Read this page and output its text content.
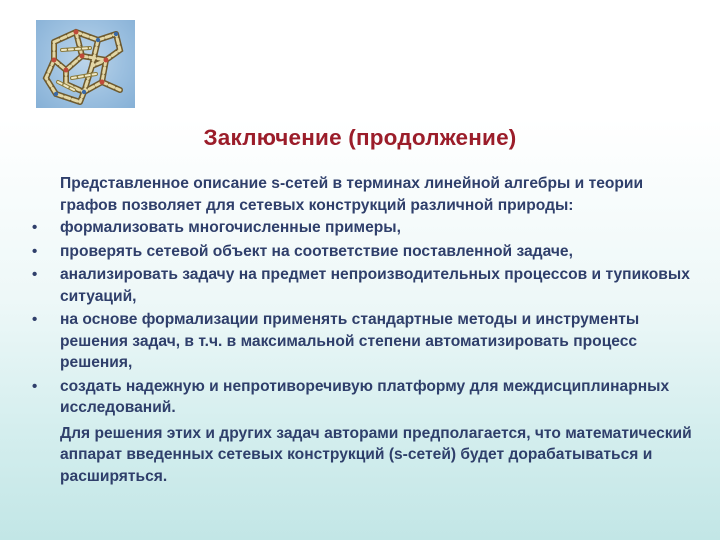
Заключение (продолжение)

Представленное описание s-сетей в терминах линейной алгебры и теории графов позволяет для сетевых конструкций различной природы:

• формализовать многочисленные примеры,
• проверять сетевой объект на соответствие поставленной задаче,
• анализировать задачу на предмет непроизводительных процессов и тупиковых ситуаций,
• на основе формализации применять стандартные методы и инструменты решения задач, в т.ч. в максимальной степени автоматизировать процесс решения,
• создать надежную и непротиворечивую платформу для междисциплинарных исследований.

Для решения этих и других задач авторами предполагается, что математический аппарат введенных сетевых конструкций (s-сетей) будет дорабатываться и расширяться.
